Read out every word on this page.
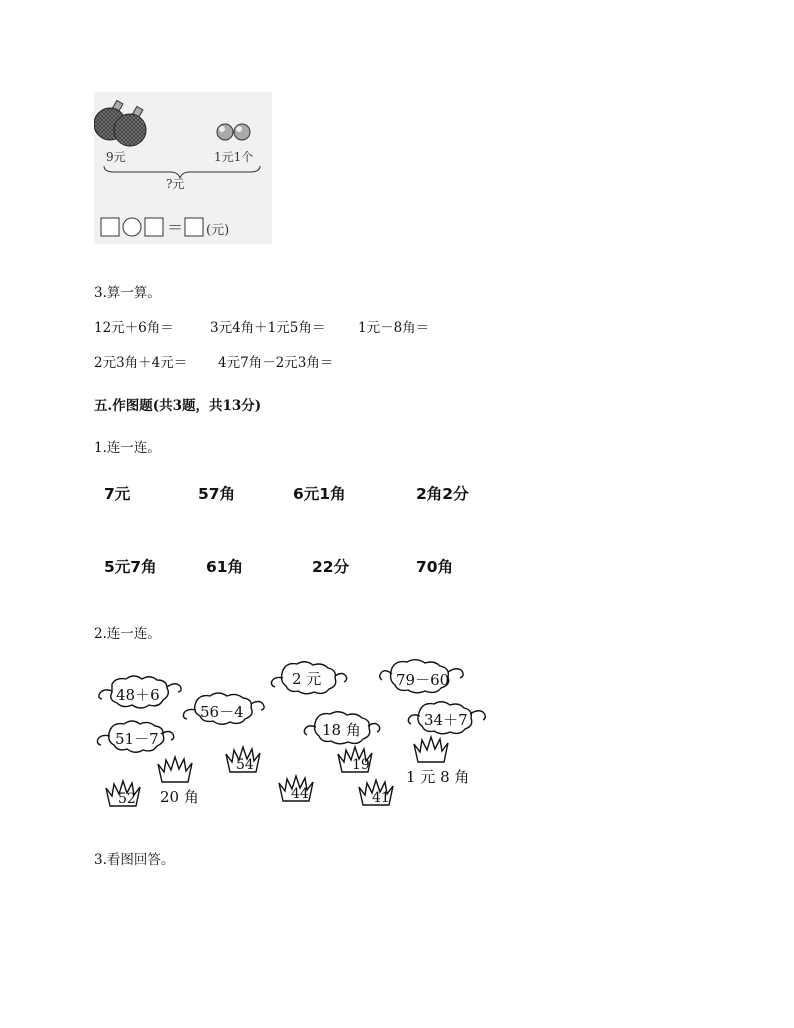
＝
9元	1元1个
?元
(元)
3.算一算。
12元＋6角＝	3元4角＋1元5角＝ 1元－8角＝
2元3角＋4元＝ 4元7角－2元3角＝
五.作图题(共3题，共13分)
1.连一连。
7元	57角	6元1角	2角2分
5元7角	61角	22分	70角
2.连一连。
48＋6
56－4
2 元	79－60
51－7	18 角
34＋7
54	19
52	44	41
20 角
1 元 8 角
3.看图回答。
